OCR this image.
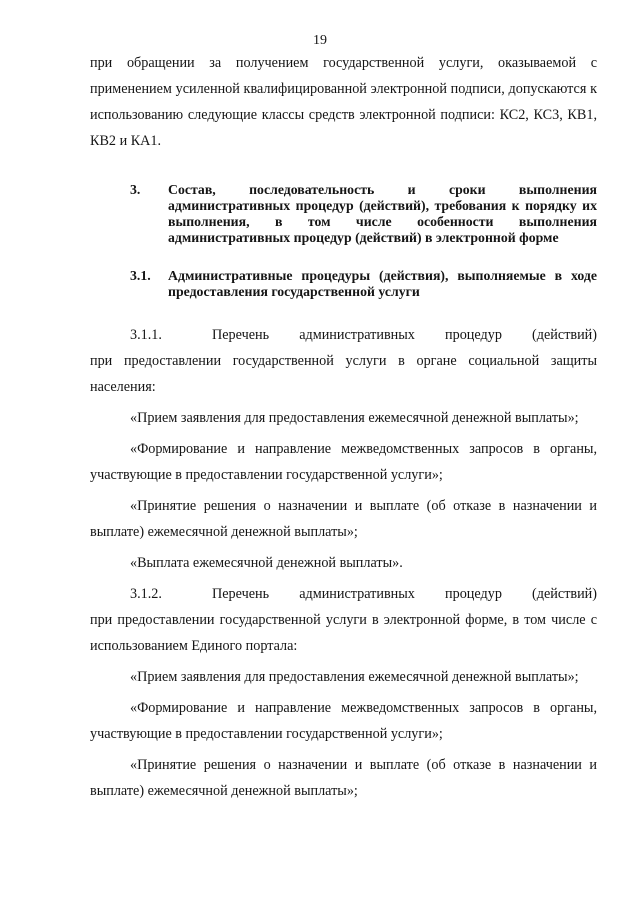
19

при обращении за получением государственной услуги, оказываемой с применением усиленной квалифицированной электронной подписи, допускаются к использованию следующие классы средств электронной подписи: КС2, КС3, КВ1, КВ2 и КА1.

3.	Состав, последовательность и сроки выполнения административных процедур (действий), требования к порядку их выполнения, в том числе особенности выполнения административных процедур (действий) в электронной форме
3.1.	Административные процедуры (действия), выполняемые в ходе предоставления государственной услуги
3.1.1.	Перечень административных процедур (действий)

при предоставлении государственной услуги в органе социальной защиты населения:

«Прием заявления для предоставления ежемесячной денежной выплаты»;

«Формирование и направление межведомственных запросов в органы, участвующие в предоставлении государственной услуги»;

«Принятие решения о назначении и выплате (об отказе в назначении и выплате) ежемесячной денежной выплаты»;

«Выплата ежемесячной денежной выплаты».

3.1.2.	Перечень административных процедур (действий)

при предоставлении государственной услуги в электронной форме, в том числе с использованием Единого портала:

«Прием заявления для предоставления ежемесячной денежной выплаты»;

«Формирование и направление межведомственных запросов в органы, участвующие в предоставлении государственной услуги»;

«Принятие решения о назначении и выплате (об отказе в назначении и выплате) ежемесячной денежной выплаты»;
